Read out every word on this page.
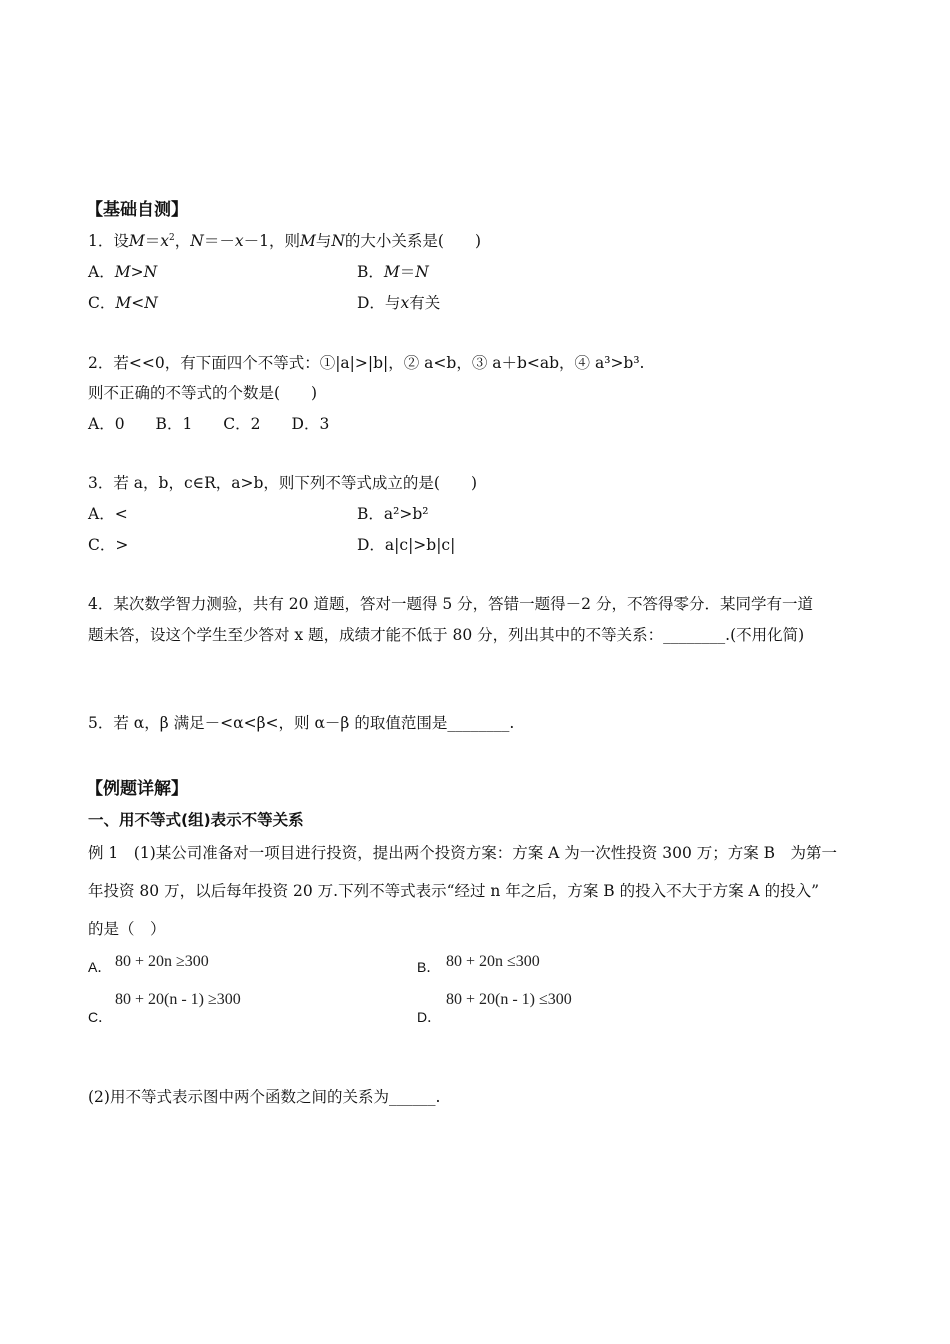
【基础自测】
1．设$M=x^2$，N＝－x－1，则M与N的大小关系是(　　)
A．M>N	B．M＝N
C．M<N	D．与x有关
2．若<<0，有下面四个不等式：①|a|>|b|，② a<b，③ a＋b<ab，④ a³>b³.
则不正确的不等式的个数是(　　)
A．0　　B．1　　C．2　　D．3
3．若 a，b，c∈R，a>b，则下列不等式成立的是(　　)
A．<	B．a²>b²
C．>	D．a|c|>b|c|
4．某次数学智力测验，共有 20 道题，答对一题得 5 分，答错一题得－2 分，不答得零分．某同学有一道
题未答，设这个学生至少答对 x 题，成绩才能不低于 80 分，列出其中的不等关系：________.(不用化简)
5．若 α，β 满足－<α<β<，则 α－β 的取值范围是________.
【例题详解】
一、用不等式(组)表示不等关系
例 1　(1)某公司准备对一项目进行投资，提出两个投资方案：方案 A 为一次性投资 300 万；方案 B　为第一
年投资 80 万，以后每年投资 20 万.下列不等式表示“经过 n 年之后，方案 B 的投入不大于方案 A 的投入”
的是（　）
A． 80 + 20n ≥300	B． 80 + 20n ≤300
C．
80 + 20(n - 1) ≥300
D．
80 + 20(n - 1) ≤300
(2)用不等式表示图中两个函数之间的关系为______.
